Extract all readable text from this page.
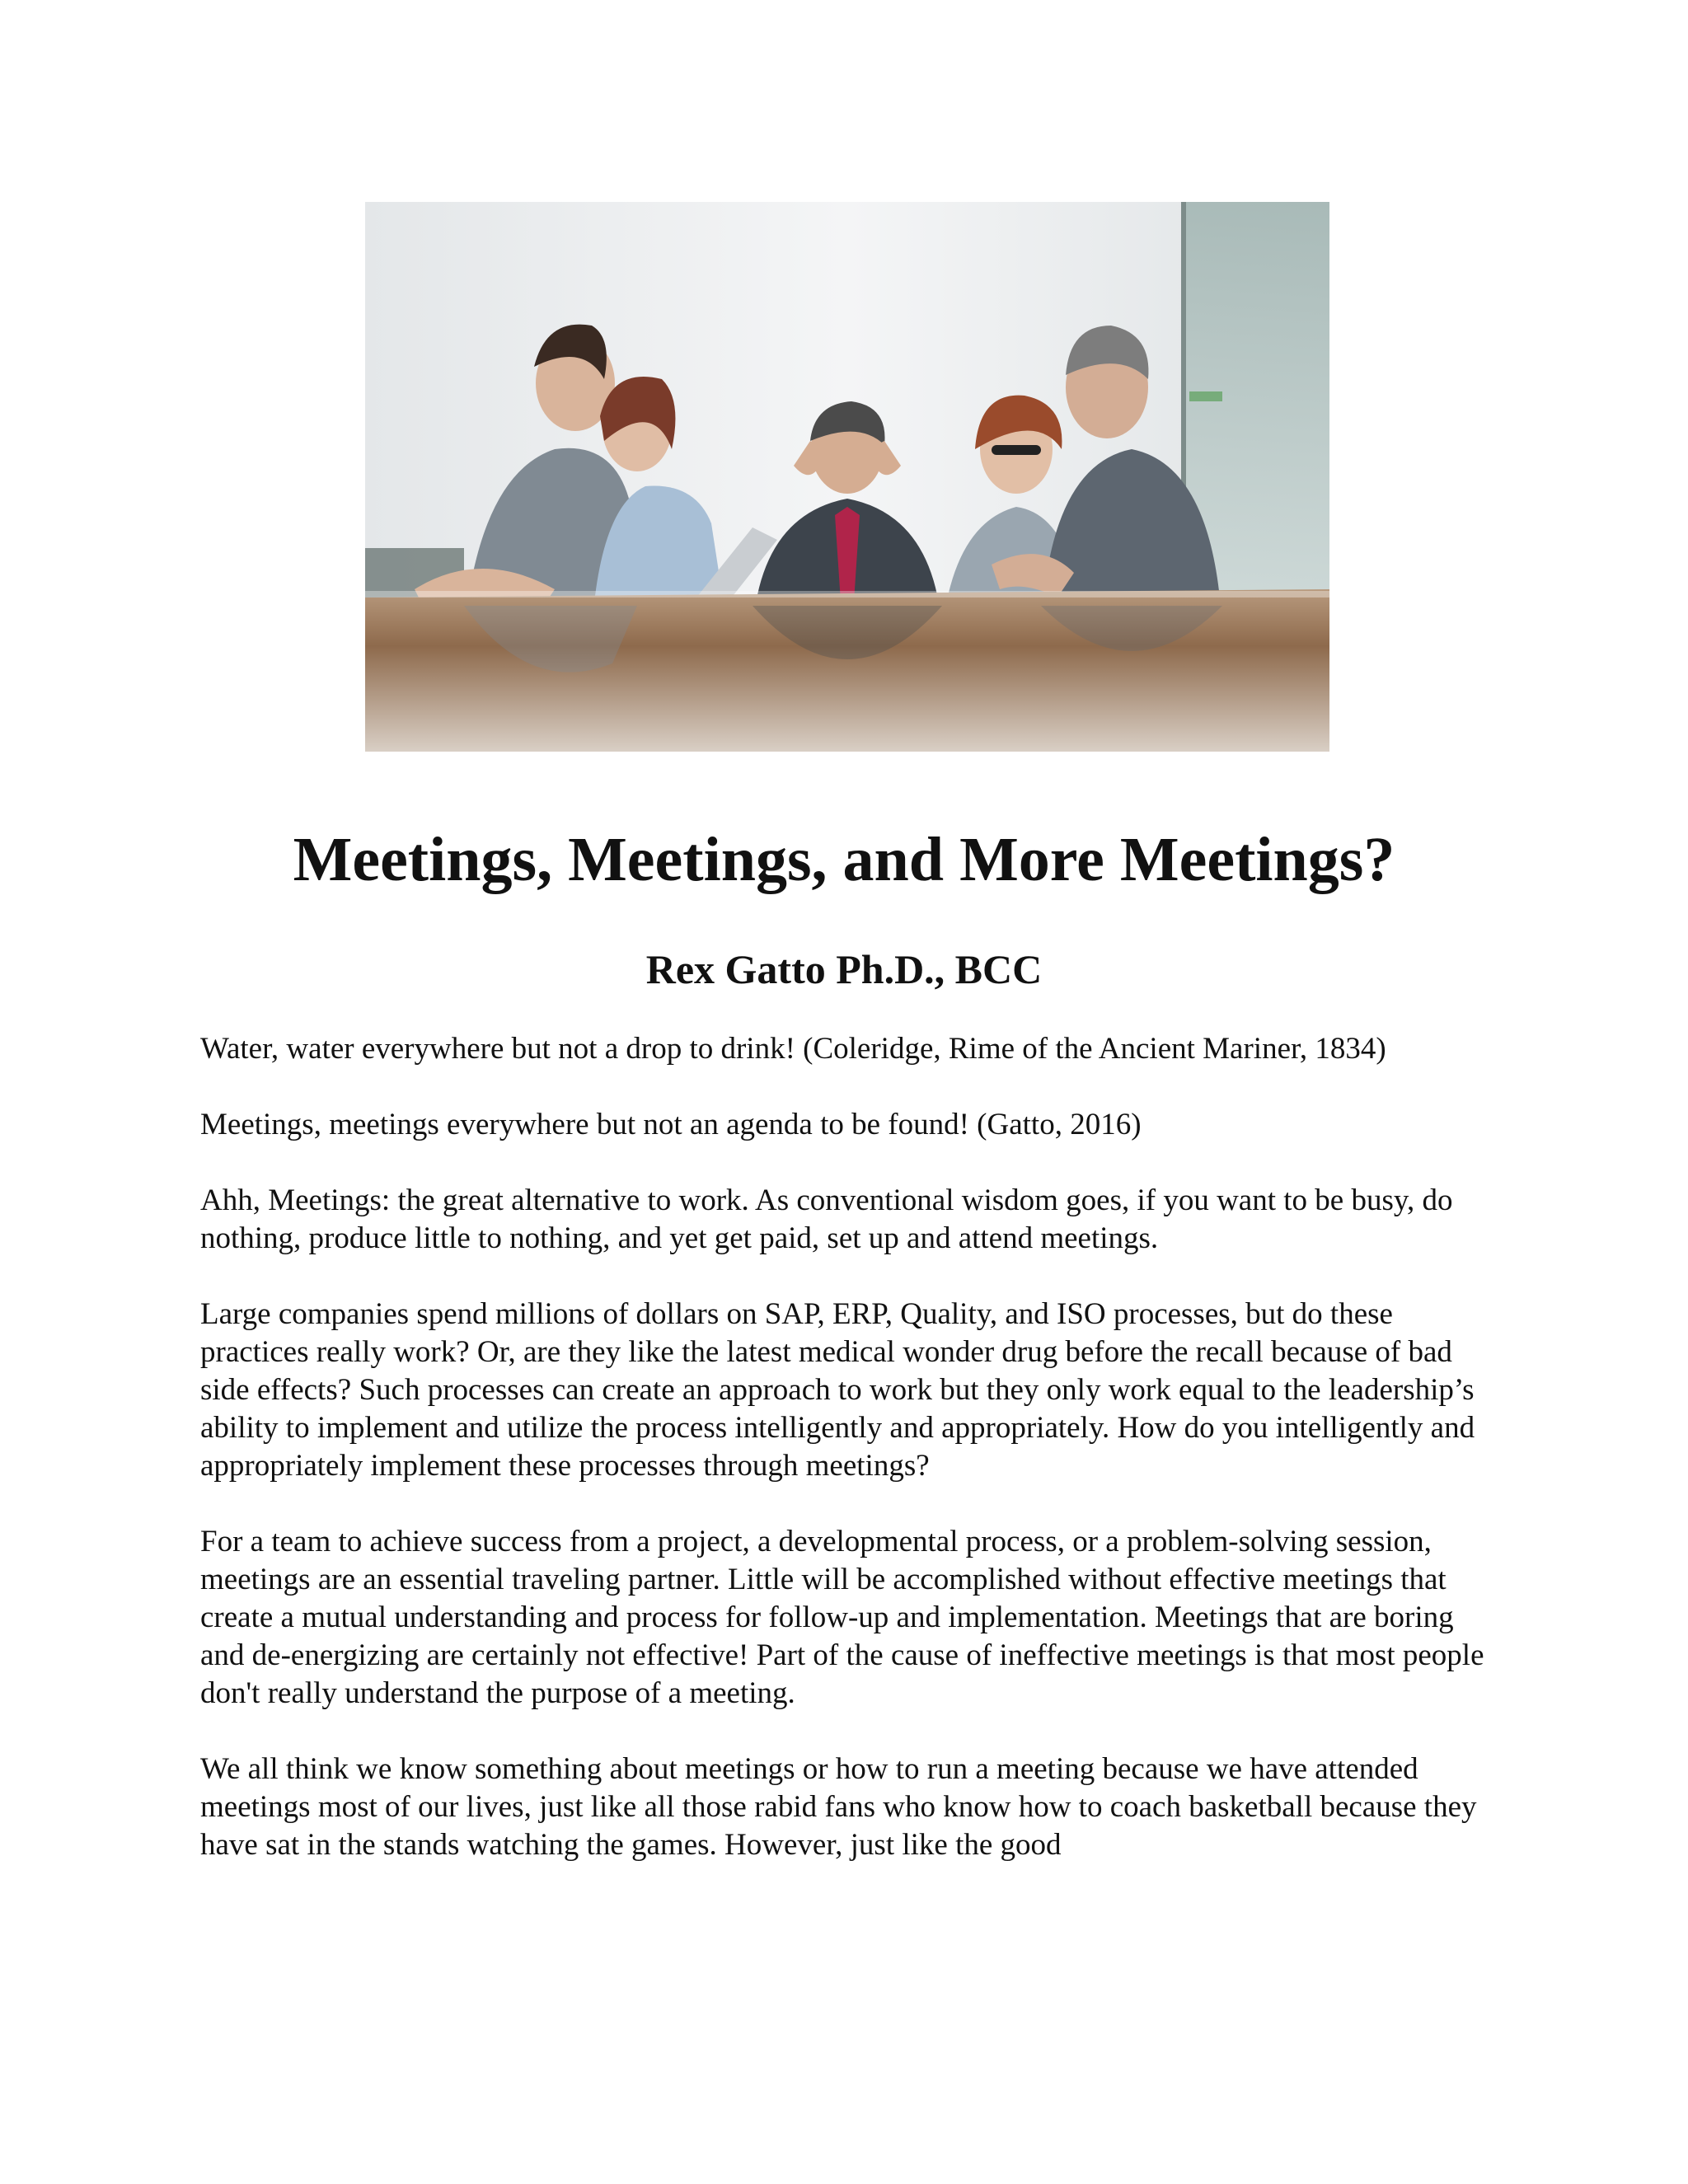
Meetings, Meetings, and More Meetings?
Rex Gatto Ph.D., BCC

Water, water everywhere but not a drop to drink! (Coleridge, Rime of the Ancient Mariner, 1834)

Meetings, meetings everywhere but not an agenda to be found! (Gatto, 2016)

Ahh, Meetings: the great alternative to work. As conventional wisdom goes, if you want to be busy, do nothing, produce little to nothing, and yet get paid, set up and attend meetings.

Large companies spend millions of dollars on SAP, ERP, Quality, and ISO processes, but do these practices really work? Or, are they like the latest medical wonder drug before the recall because of bad side effects? Such processes can create an approach to work but they only work equal to the leadership’s ability to implement and utilize the process intelligently and appropriately. How do you intelligently and appropriately implement these processes through meetings?

For a team to achieve success from a project, a developmental process, or a problem-solving session, meetings are an essential traveling partner. Little will be accomplished without effective meetings that create a mutual understanding and process for follow-up and implementation. Meetings that are boring and de-energizing are certainly not effective! Part of the cause of ineffective meetings is that most people don't really understand the purpose of a meeting.

We all think we know something about meetings or how to run a meeting because we have attended meetings most of our lives, just like all those rabid fans who know how to coach basketball because they have sat in the stands watching the games. However, just like the good
